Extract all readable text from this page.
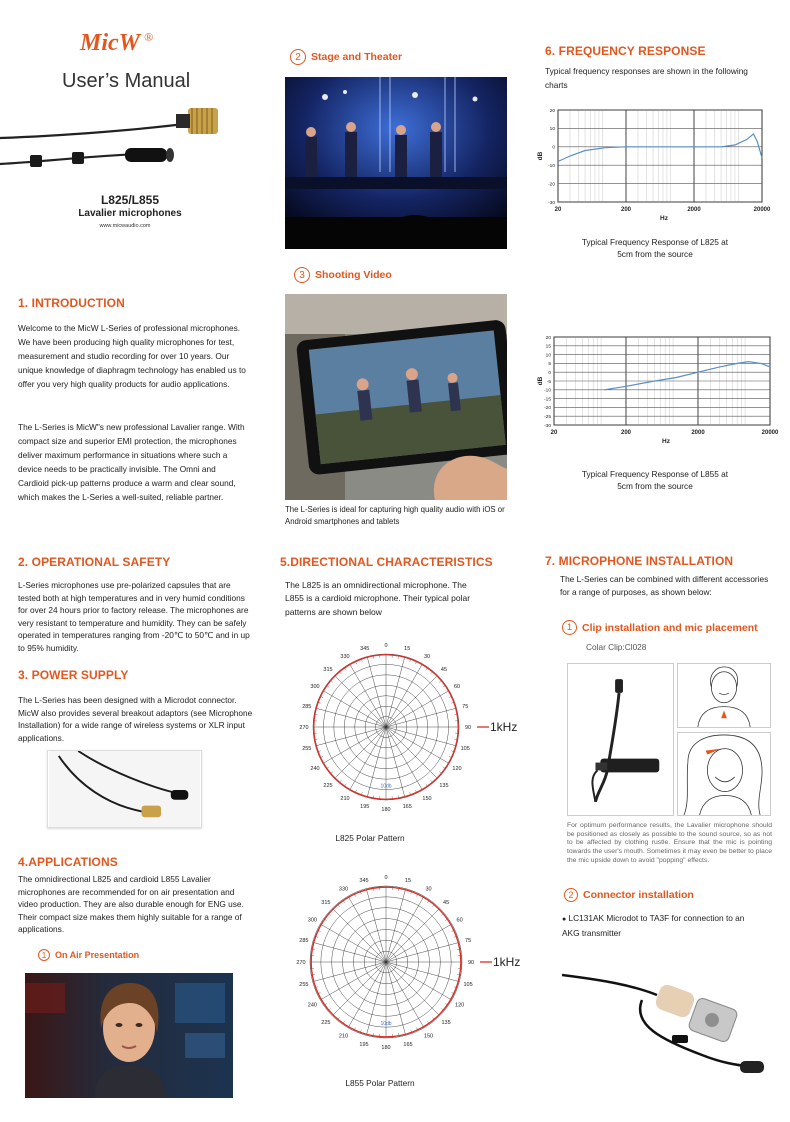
MicW ®
User’s Manual
L825/L855
Lavalier microphones
www.micwaudio.com
1. INTRODUCTION
Welcome to the MicW L-Series of professional microphones. We have been producing high quality microphones for test, measurement and studio recording for over 10 years. Our unique knowledge of diaphragm technology has enabled us to offer you very high quality products for audio applications.
The L-Series is MicW"s new professional Lavalier range. With compact size and superior EMI protection, the microphones deliver maximum performance in situations where such a device needs to be practically invisible. The Omni and Cardioid pick-up patterns produce a warm and clear sound, which makes the L-Series a well-suited, reliable partner.
2. OPERATIONAL SAFETY
L-Series microphones use pre-polarized capsules that are tested both at high temperatures and in very humid conditions for over 24 hours prior to factory release. The microphones are very resistant to temperature and humidity. They can be safely operated in temperatures ranging from -20℃ to 50℃ and in up to 95% humidity.
3. POWER SUPPLY
The L-Series has been designed with a Microdot connector. MicW also provides several breakout adaptors (see Microphone Installation) for a wide range of wireless systems or XLR input applications.
4.APPLICATIONS
The omnidirectional L825 and cardioid L855 Lavalier microphones are recommended for on air presentation and video production. They are also durable enough for ENG use. Their compact size makes them highly suitable for a range of applications.
1 On Air Presentation
2 Stage and Theater
3 Shooting Video
The L-Series is ideal for capturing high quality audio with iOS or Android smartphones and tablets
5.DIRECTIONAL CHARACTERISTICS
The L825 is an omnidirectional microphone. The L855 is a cardioid microphone. Their typical polar patterns are shown below
0	15
30
45
60
75
90
105
120
135
150
165
180
195
210
225
240
255
270
285
300
315
330
345
10db
1kHz
L825 Polar Pattern
0	15
30
45
60
75
90
105
120
135
150
165
180
195
210
225
240
255
270
285
300
315
330
345
10db
1kHz
L855 Polar Pattern
6. FREQUENCY RESPONSE
Typical frequency responses are shown in the following charts
20	200	2000	20000
20
10
0
-10
-20
-30
Hz
dB
Typical Frequency Response of L825 at 5cm from the source
20	200	2000	20000
20
15
10
5
0
-5
-10
-15
-20
-25
-30
Hz
dB
Typical Frequency Response of L855 at 5cm from the source
7. MICROPHONE INSTALLATION
The L-Series can be combined with different accessories for a range of purposes, as shown below:
1 Clip installation and mic placement
Colar Clip:Cl028
For optimum performance results, the Lavalier microphone should be positioned as closely as possible to the sound source, so as not to be affected by clothing rustle. Ensure that the mic is pointing towards the user's mouth. Sometimes it may even be better to place the mic upside down to avoid "popping" effects.
2 Connector installation
● LC131AK Microdot to TA3F for connection to an AKG transmitter
